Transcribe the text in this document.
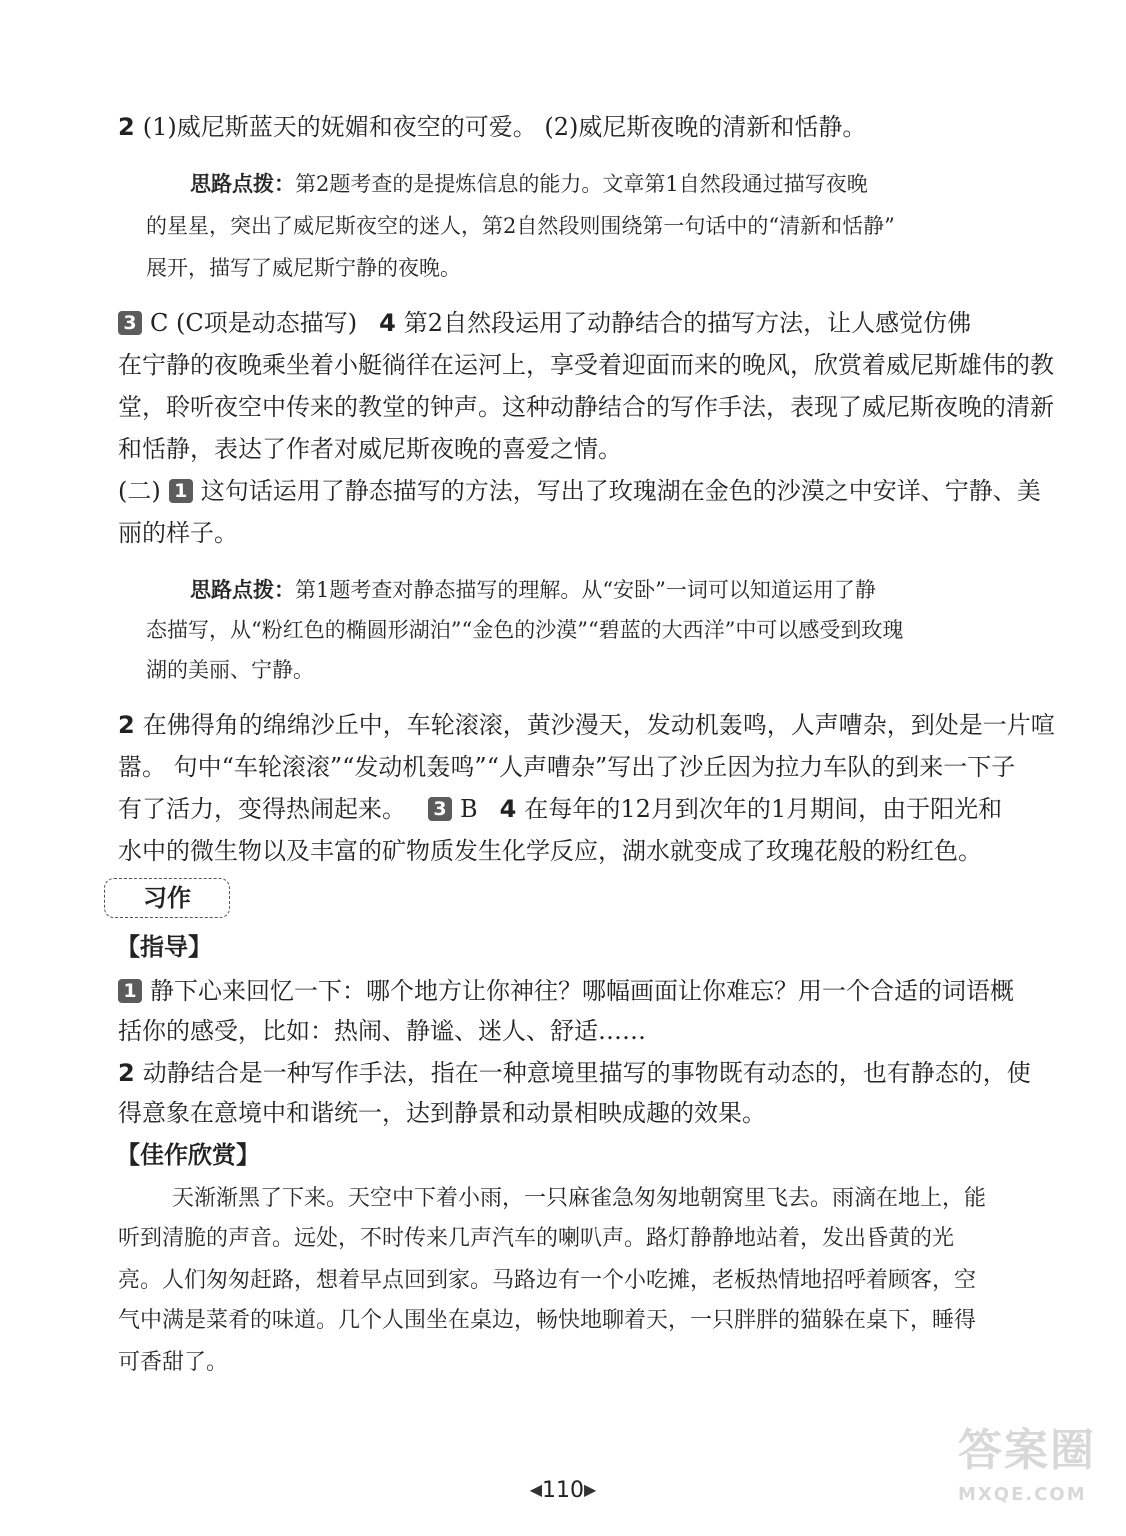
2 (1)威尼斯蓝天的妩媚和夜空的可爱。 (2)威尼斯夜晚的清新和恬静。
思路点拨：第2题考查的是提炼信息的能力。文章第1自然段通过描写夜晚
的星星，突出了威尼斯夜空的迷人，第2自然段则围绕第一句话中的“清新和恬静”
展开，描写了威尼斯宁静的夜晚。
3 C (C项是动态描写) 4 第2自然段运用了动静结合的描写方法，让人感觉仿佛
在宁静的夜晚乘坐着小艇徜徉在运河上，享受着迎面而来的晚风，欣赏着威尼斯雄伟的教
堂，聆听夜空中传来的教堂的钟声。这种动静结合的写作手法，表现了威尼斯夜晚的清新
和恬静，表达了作者对威尼斯夜晚的喜爱之情。
(二) 1 这句话运用了静态描写的方法，写出了玫瑰湖在金色的沙漠之中安详、宁静、美
丽的样子。
思路点拨：第1题考查对静态描写的理解。从“安卧”一词可以知道运用了静
态描写，从“粉红色的椭圆形湖泊”“金色的沙漠”“碧蓝的大西洋”中可以感受到玫瑰
湖的美丽、宁静。
2 在佛得角的绵绵沙丘中，车轮滚滚，黄沙漫天，发动机轰鸣，人声嘈杂，到处是一片喧
嚣。 句中“车轮滚滚”“发动机轰鸣”“人声嘈杂”写出了沙丘因为拉力车队的到来一下子
有了活力，变得热闹起来。 3 B 4 在每年的12月到次年的1月期间，由于阳光和
水中的微生物以及丰富的矿物质发生化学反应，湖水就变成了玫瑰花般的粉红色。
习作
【指导】
1 静下心来回忆一下：哪个地方让你神往？哪幅画面让你难忘？用一个合适的词语概
括你的感受，比如：热闹、静谧、迷人、舒适……
2 动静结合是一种写作手法，指在一种意境里描写的事物既有动态的，也有静态的，使
得意象在意境中和谐统一，达到静景和动景相映成趣的效果。
【佳作欣赏】
天渐渐黑了下来。天空中下着小雨，一只麻雀急匆匆地朝窝里飞去。雨滴在地上，能
听到清脆的声音。远处，不时传来几声汽车的喇叭声。路灯静静地站着，发出昏黄的光
亮。人们匆匆赶路，想着早点回到家。马路边有一个小吃摊，老板热情地招呼着顾客，空
气中满是菜肴的味道。几个人围坐在桌边，畅快地聊着天，一只胖胖的猫躲在桌下，睡得
可香甜了。
◀110▶
答案圈
MXQE.COM
